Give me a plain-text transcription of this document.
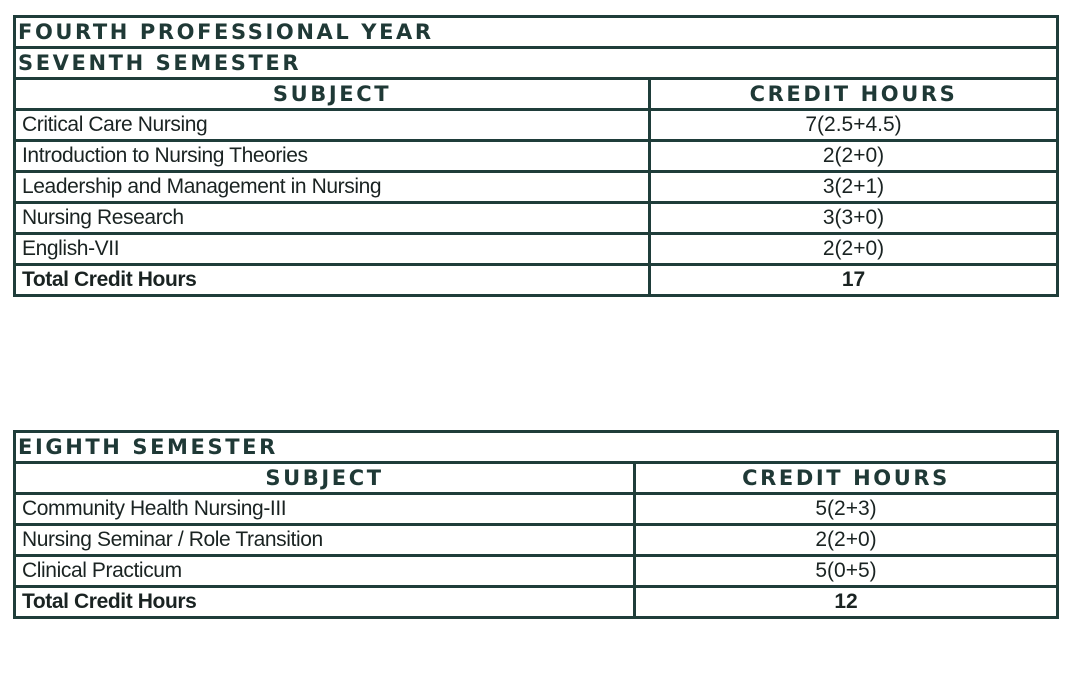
FOURTH PROFESSIONAL YEAR	
SEVENTH SEMESTER	
SUBJECT	CREDIT HOURS
Critical Care Nursing	7(2.5+4.5)
Introduction to Nursing Theories	2(2+0)
Leadership and Management in Nursing	3(2+1)
Nursing Research	3(3+0)
English-VII	2(2+0)
Total Credit Hours	17
EIGHTH SEMESTER	
SUBJECT	CREDIT HOURS
Community Health Nursing-III	5(2+3)
Nursing Seminar / Role Transition	2(2+0)
Clinical Practicum	5(0+5)
Total Credit Hours	12
